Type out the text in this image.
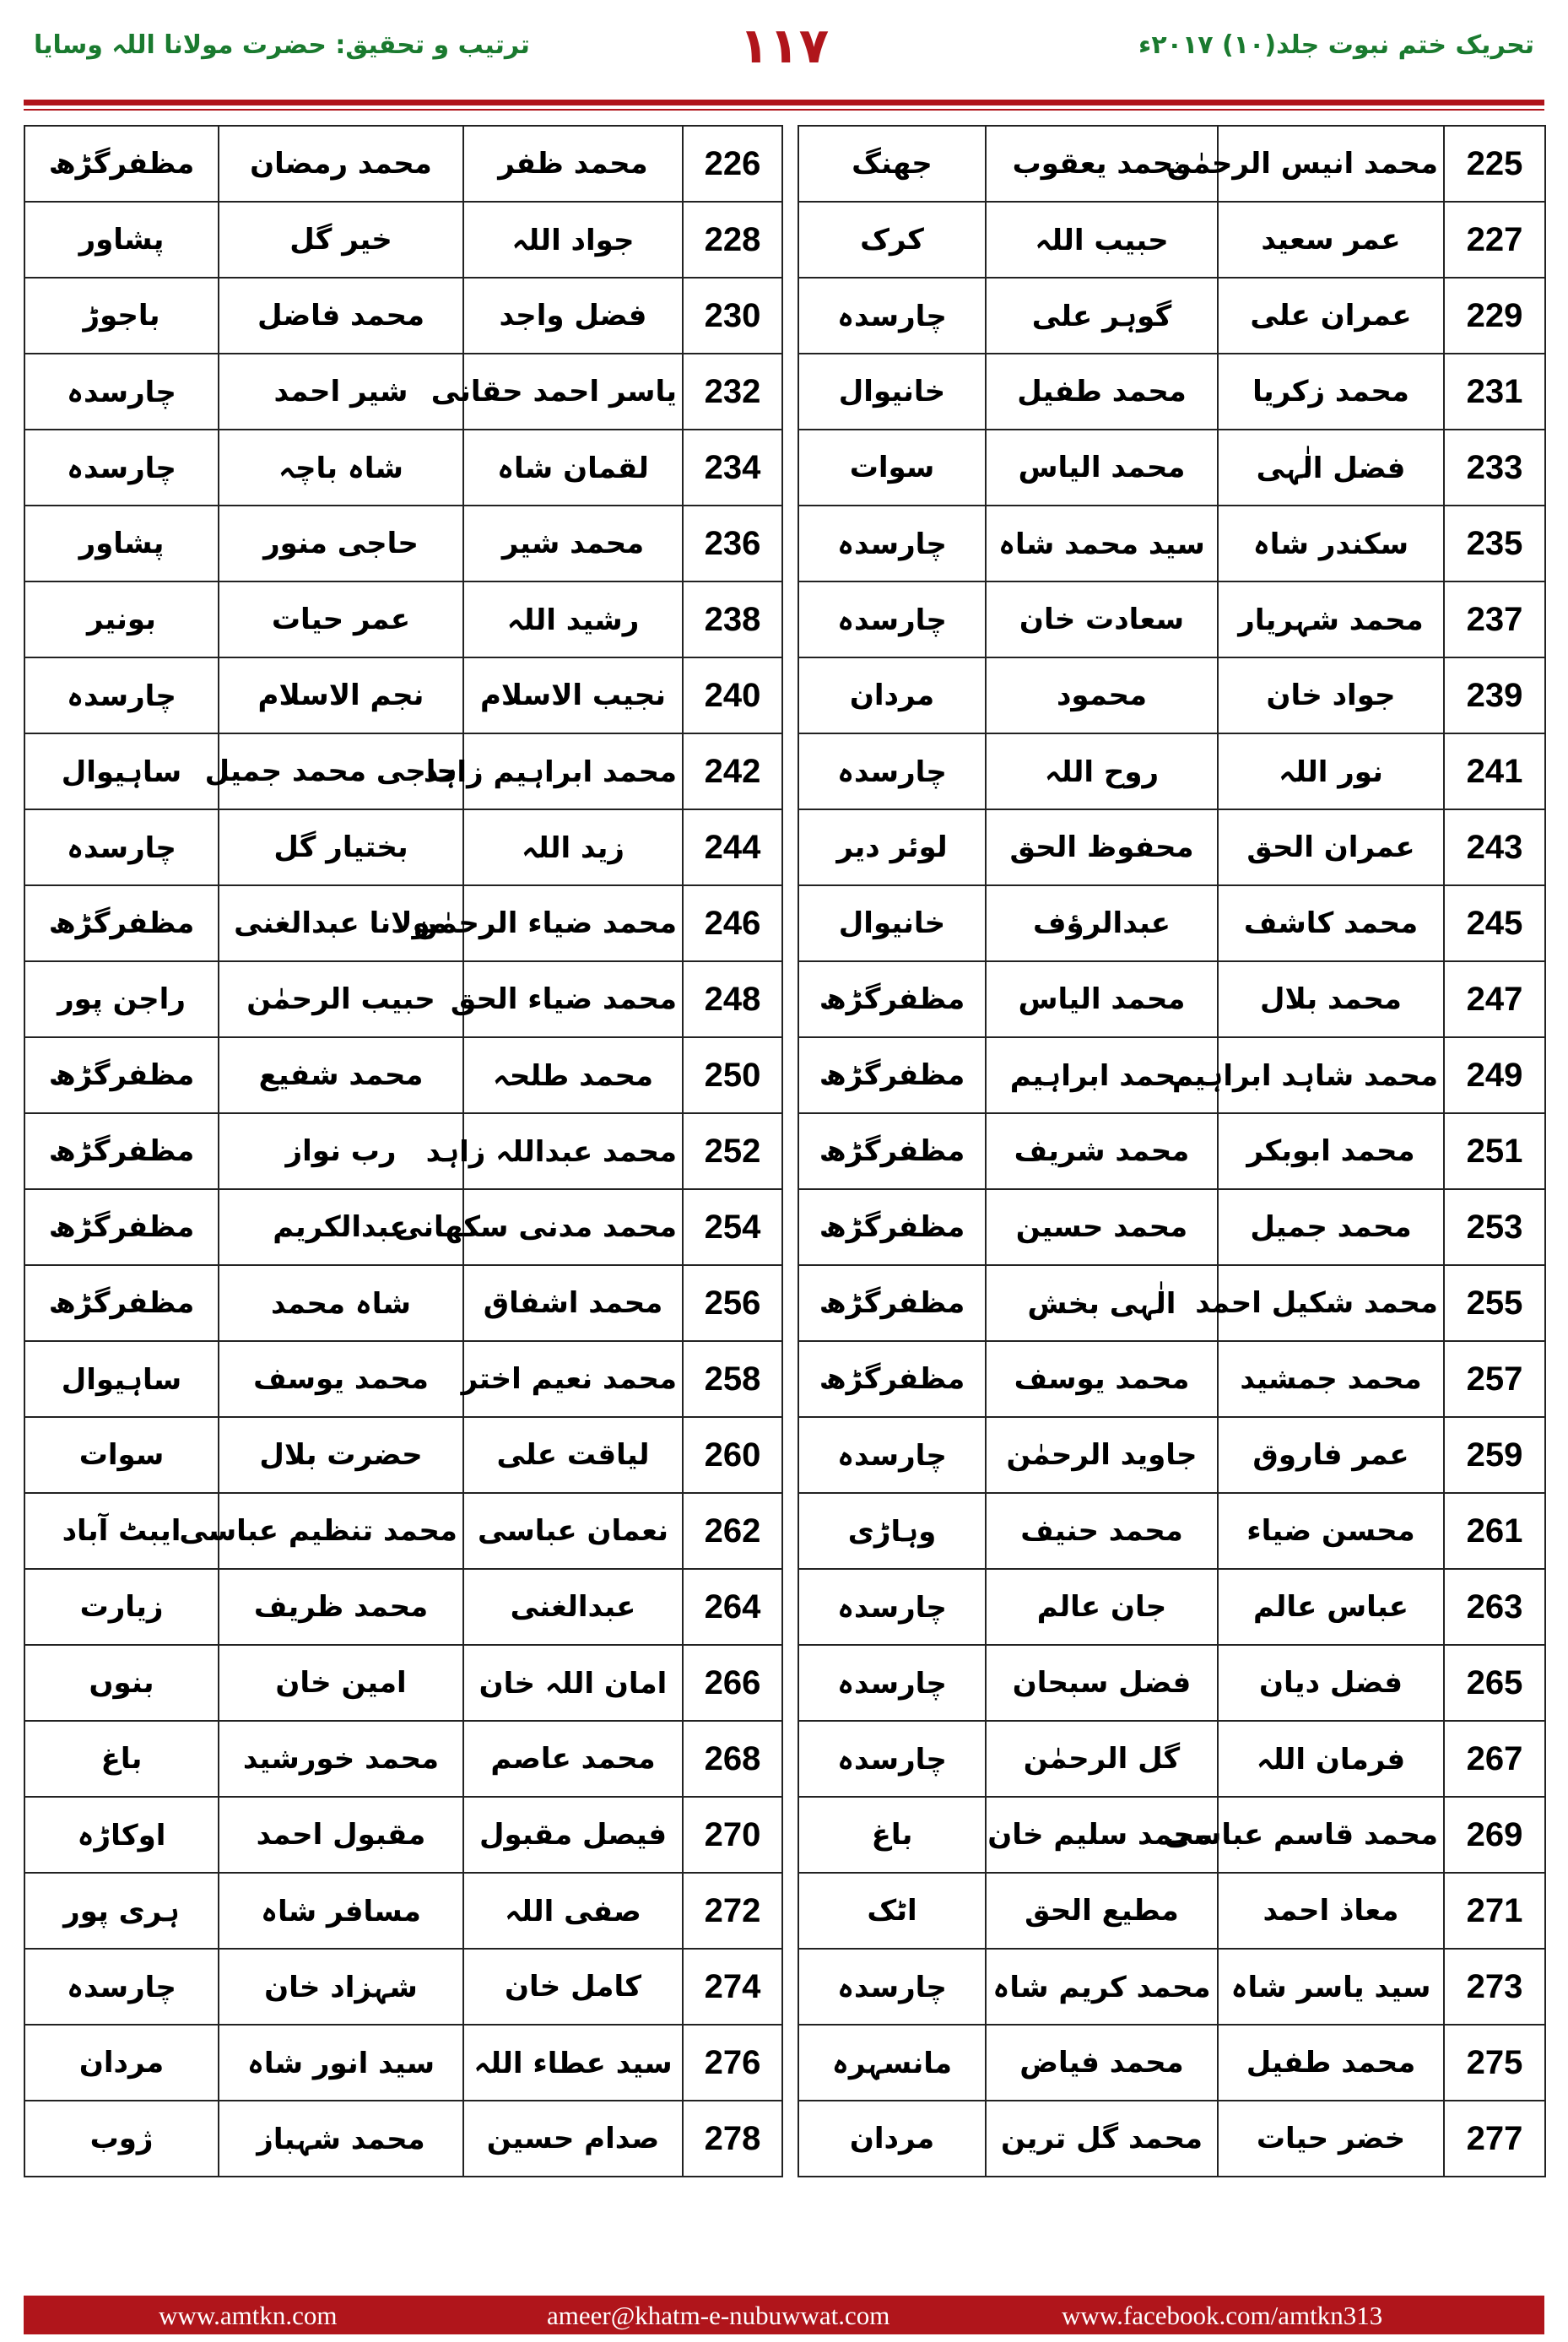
تحریک ختم نبوت جلد(۱۰) ۲۰۱۷ء
۱۱۷
ترتیب و تحقیق: حضرت مولانا اللہ وسایا
مظفرگڑھ	محمد رمضان	محمد ظفر	226
پشاور	خیر گل	جواد اللہ	228
باجوڑ	محمد فاضل	فضل واجد	230
چارسدہ	شیر احمد	یاسر احمد حقانی	232
چارسدہ	شاہ باچہ	لقمان شاہ	234
پشاور	حاجی منور	محمد شیر	236
بونیر	عمر حیات	رشید اللہ	238
چارسدہ	نجم الاسلام	نجیب الاسلام	240
ساہیوال	حاجی محمد جمیل	محمد ابراہیم زاہد	242
چارسدہ	بختیار گل	زید اللہ	244
مظفرگڑھ	مولانا عبدالغنی	محمد ضیاء الرحمٰن	246
راجن پور	حبیب الرحمٰن	محمد ضیاء الحق	248
مظفرگڑھ	محمد شفیع	محمد طلحہ	250
مظفرگڑھ	رب نواز	محمد عبداللہ زاہد	252
مظفرگڑھ	عبدالکریم	محمد مدنی سکھانی	254
مظفرگڑھ	شاہ محمد	محمد اشفاق	256
ساہیوال	محمد یوسف	محمد نعیم اختر	258
سوات	حضرت بلال	لیاقت علی	260
ایبٹ آباد	محمد تنظیم عباسی	نعمان عباسی	262
زیارت	محمد ظریف	عبدالغنی	264
بنوں	امین خان	امان اللہ خان	266
باغ	محمد خورشید	محمد عاصم	268
اوکاڑہ	مقبول احمد	فیصل مقبول	270
ہری پور	مسافر شاہ	صفی اللہ	272
چارسدہ	شہزاد خان	کامل خان	274
مردان	سید انور شاہ	سید عطاء اللہ	276
ژوب	محمد شہباز	صدام حسین	278
جھنگ	محمد یعقوب	محمد انیس الرحمٰن	225
کرک	حبیب اللہ	عمر سعید	227
چارسدہ	گوہر علی	عمران علی	229
خانیوال	محمد طفیل	محمد زکریا	231
سوات	محمد الیاس	فضل الٰہی	233
چارسدہ	سید محمد شاہ	سکندر شاہ	235
چارسدہ	سعادت خان	محمد شہریار	237
مردان	محمود	جواد خان	239
چارسدہ	روح اللہ	نور اللہ	241
لوئر دیر	محفوظ الحق	عمران الحق	243
خانیوال	عبدالرؤف	محمد کاشف	245
مظفرگڑھ	محمد الیاس	محمد بلال	247
مظفرگڑھ	محمد ابراہیم	محمد شاہد ابراہیم	249
مظفرگڑھ	محمد شریف	محمد ابوبکر	251
مظفرگڑھ	محمد حسین	محمد جمیل	253
مظفرگڑھ	الٰہی بخش	محمد شکیل احمد	255
مظفرگڑھ	محمد یوسف	محمد جمشید	257
چارسدہ	جاوید الرحمٰن	عمر فاروق	259
وہاڑی	محمد حنیف	محسن ضیاء	261
چارسدہ	جان عالم	عباس عالم	263
چارسدہ	فضل سبحان	فضل دیان	265
چارسدہ	گل الرحمٰن	فرمان اللہ	267
باغ	محمد سلیم خان	محمد قاسم عباسی	269
اٹک	مطیع الحق	معاذ احمد	271
چارسدہ	محمد کریم شاہ	سید یاسر شاہ	273
مانسہرہ	محمد فیاض	محمد طفیل	275
مردان	محمد گل ترین	خضر حیات	277
www.amtkn.com	ameer@khatm-e-nubuwwat.com	www.facebook.com/amtkn313
